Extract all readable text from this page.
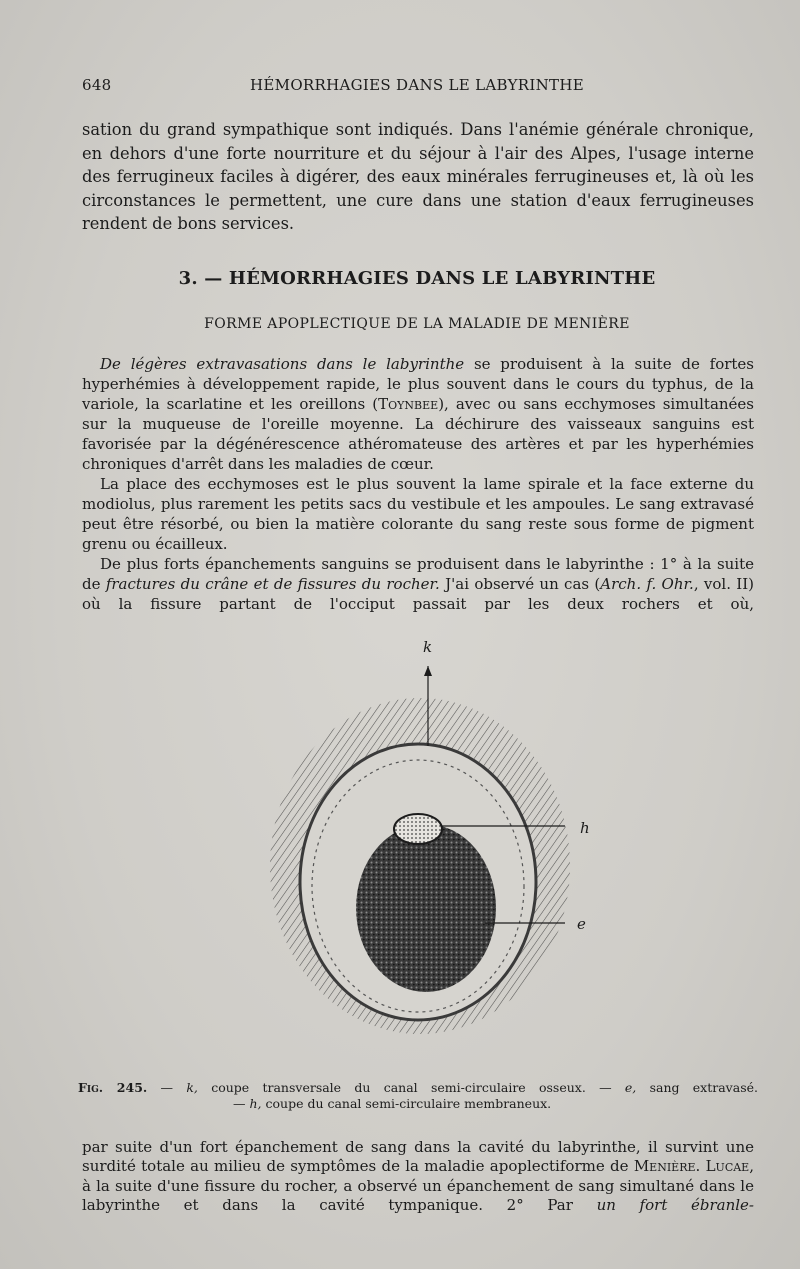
648	HÉMORRHAGIES DANS LE LABYRINTHE
sation du grand sympathique sont indiqués. Dans l'anémie générale chronique, en dehors d'une forte nourriture et du séjour à l'air des Alpes, l'usage interne des ferrugineux faciles à digérer, des eaux minérales ferrugineuses et, là où les circonstances le permettent, une cure dans une station d'eaux ferrugineuses rendent de bons services.
3. — HÉMORRHAGIES DANS LE LABYRINTHE
FORME APOPLECTIQUE DE LA MALADIE DE MENIÈRE
De légères extravasations dans le labyrinthe se produisent à la suite de fortes hyperhémies à développement rapide, le plus souvent dans le cours du typhus, de la variole, la scarlatine et les oreillons (Toynbee), avec ou sans ecchymoses simultanées sur la muqueuse de l'oreille moyenne. La déchirure des vaisseaux sanguins est favorisée par la dégénérescence athéromateuse des artères et par les hyperhémies chroniques d'arrêt dans les maladies de cœur.
La place des ecchymoses est le plus souvent la lame spirale et la face externe du modiolus, plus rarement les petits sacs du vestibule et les ampoules. Le sang extravasé peut être résorbé, ou bien la matière colorante du sang reste sous forme de pigment grenu ou écailleux.
De plus forts épanchements sanguins se produisent dans le labyrinthe : 1° à la suite de fractures du crâne et de fissures du rocher. J'ai observé un cas (Arch. f. Ohr., vol. II) où la fissure partant de l'occiput passait par les deux rochers et où,
k
h
e
Fig. 245. — k, coupe transversale du canal semi-circulaire osseux. — e, sang extravasé.
— h, coupe du canal semi-circulaire membraneux.
par suite d'un fort épanchement de sang dans la cavité du labyrinthe, il survint une surdité totale au milieu de symptômes de la maladie apoplectiforme de Menière. Lucae, à la suite d'une fissure du rocher, a observé un épanchement de sang simultané dans le labyrinthe et dans la cavité tympanique. 2° Par un fort ébranle-
